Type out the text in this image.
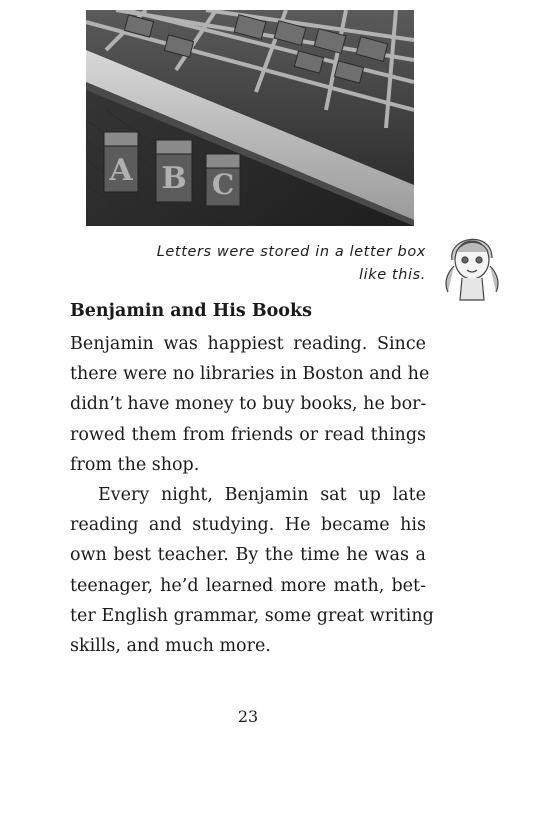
A B C
Letters were stored in a letter box
like this.
Benjamin and His Books
Benjamin was happiest reading. Since
there were no libraries in Boston and he
didn’t have money to buy books, he bor-
rowed them from friends or read things
from the shop.
Every night, Benjamin sat up late
reading and studying. He became his
own best teacher. By the time he was a
teenager, he’d learned more math, bet-
ter English grammar, some great writing
skills, and much more.
23
